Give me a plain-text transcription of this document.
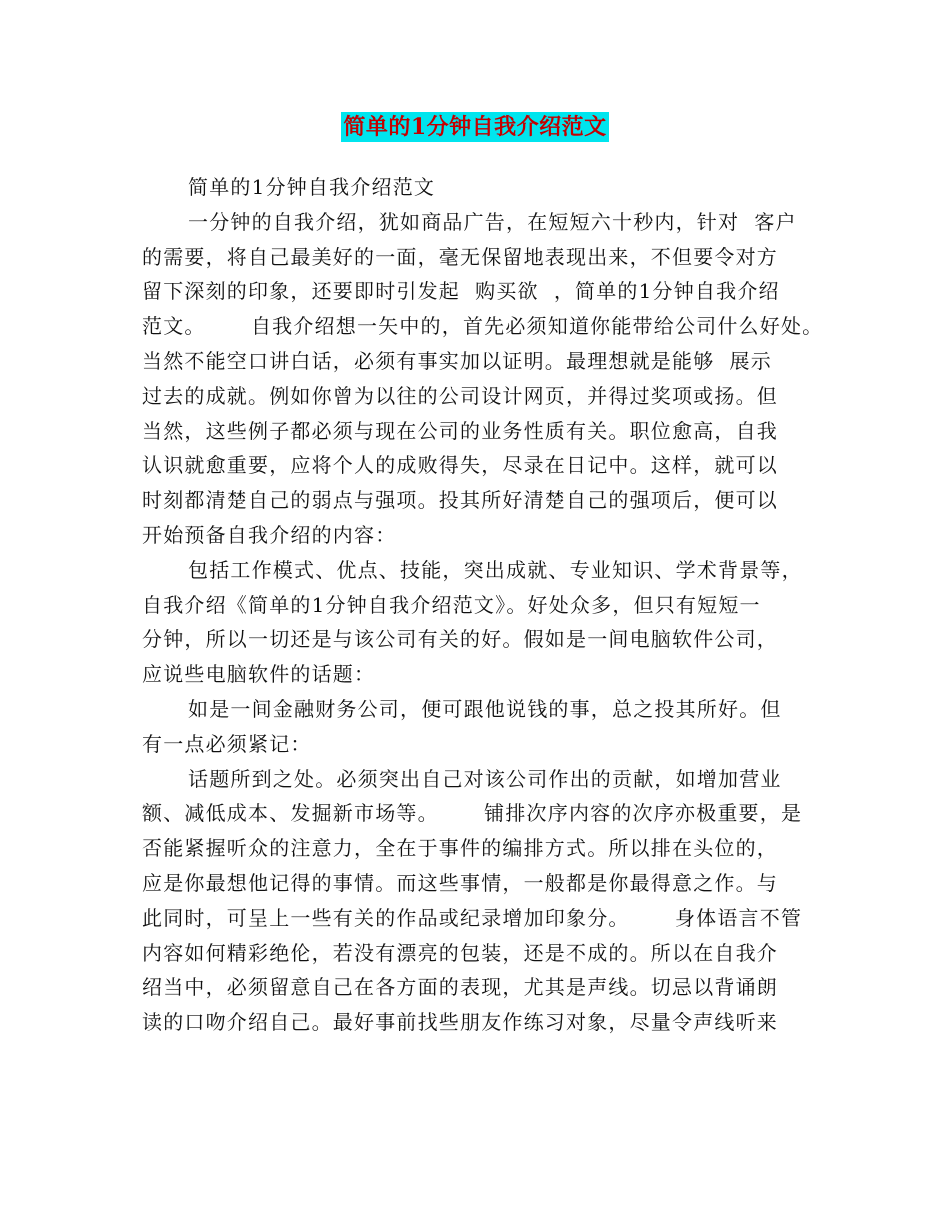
简单的1分钟自我介绍范文
简单的1分钟自我介绍范文
一分钟的自我介绍，犹如商品广告，在短短六十秒内，针对  客户
的需要，将自己最美好的一面，毫无保留地表现出来，不但要令对方
留下深刻的印象，还要即时引发起  购买欲  ，简单的1分钟自我介绍
范文。      自我介绍想一矢中的，首先必须知道你能带给公司什么好处。
当然不能空口讲白话，必须有事实加以证明。最理想就是能够  展示
过去的成就。例如你曾为以往的公司设计网页，并得过奖项或扬。但
当然，这些例子都必须与现在公司的业务性质有关。职位愈高，自我
认识就愈重要，应将个人的成败得失，尽录在日记中。这样，就可以
时刻都清楚自己的弱点与强项。投其所好清楚自己的强项后，便可以
开始预备自我介绍的内容：
包括工作模式、优点、技能，突出成就、专业知识、学术背景等，
自我介绍《简单的1分钟自我介绍范文》。好处众多，但只有短短一
分钟，所以一切还是与该公司有关的好。假如是一间电脑软件公司，
应说些电脑软件的话题：
如是一间金融财务公司，便可跟他说钱的事，总之投其所好。但
有一点必须紧记：
话题所到之处。必须突出自己对该公司作出的贡献，如增加营业
额、减低成本、发掘新市场等。      铺排次序内容的次序亦极重要，是
否能紧握听众的注意力，全在于事件的编排方式。所以排在头位的，
应是你最想他记得的事情。而这些事情，一般都是你最得意之作。与
此同时，可呈上一些有关的作品或纪录增加印象分。      身体语言不管
内容如何精彩绝伦，若没有漂亮的包装，还是不成的。所以在自我介
绍当中，必须留意自己在各方面的表现，尤其是声线。切忌以背诵朗
读的口吻介绍自己。最好事前找些朋友作练习对象，尽量令声线听来
